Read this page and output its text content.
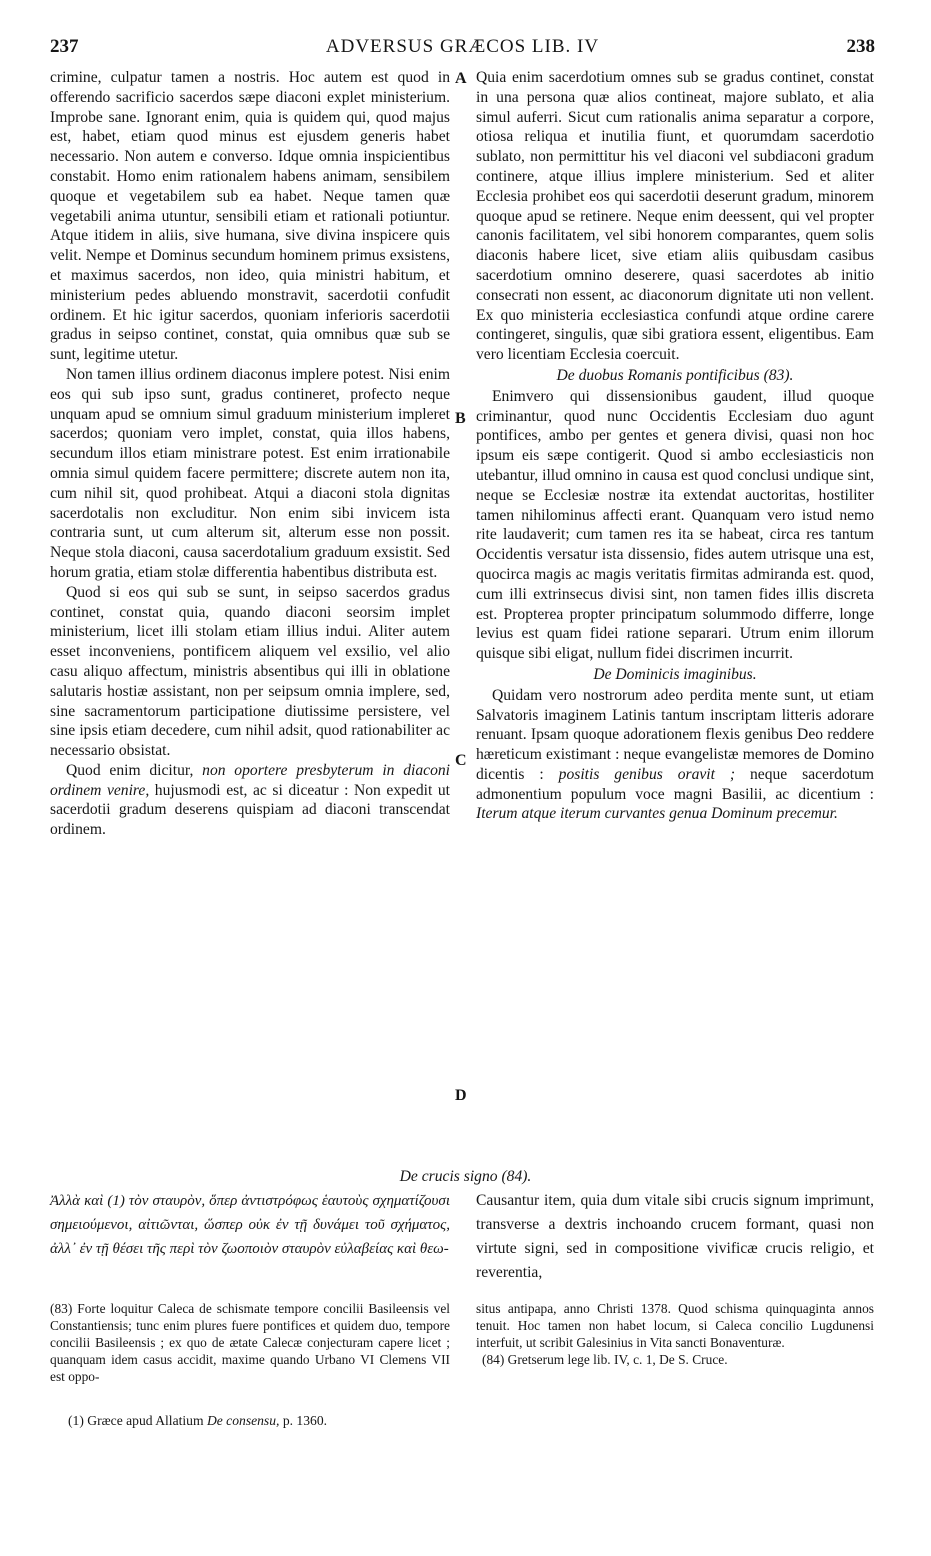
237	ADVERSUS GRÆCOS LIB. IV	238
A
B
C
D

crimine, culpatur tamen a nostris. Hoc autem est quod in offerendo sacrificio sacerdos sæpe diaconi explet ministerium. Improbe sane. Ignorant enim, quia is quidem qui, quod majus est, habet, etiam quod minus est ejusdem generis habet necessario. Non autem e converso. Idque omnia inspicientibus constabit. Homo enim rationalem habens animam, sensibilem quoque et vegetabilem sub ea habet. Neque tamen quæ vegetabili anima utuntur, sensibili etiam et rationali potiuntur. Atque itidem in aliis, sive humana, sive divina inspicere quis velit. Nempe et Dominus secundum hominem primus exsistens, et maximus sacerdos, non ideo, quia ministri habitum, et ministerium pedes abluendo monstravit, sacerdotii confudit ordinem. Et hic igitur sacerdos, quoniam inferioris sacerdotii gradus in seipso continet, constat, quia omnibus quæ sub se sunt, legitime utetur.

Non tamen illius ordinem diaconus implere potest. Nisi enim eos qui sub ipso sunt, gradus contineret, profecto neque unquam apud se omnium simul graduum ministerium impleret sacerdos; quoniam vero implet, constat, quia illos habens, secundum illos etiam ministrare potest. Est enim irrationabile omnia simul quidem facere permittere; discrete autem non ita, cum nihil sit, quod prohibeat. Atqui a diaconi stola dignitas sacerdotalis non excluditur. Non enim sibi invicem ista contraria sunt, ut cum alterum sit, alterum esse non possit. Neque stola diaconi, causa sacerdotalium graduum exsistit. Sed horum gratia, etiam stolæ differentia habentibus distributa est.

Quod si eos qui sub se sunt, in seipso sacerdos gradus continet, constat quia, quando diaconi seorsim implet ministerium, licet illi stolam etiam illius indui. Aliter autem esset inconveniens, pontificem aliquem vel exsilio, vel alio casu aliquo affectum, ministris absentibus qui illi in oblatione salutaris hostiæ assistant, non per seipsum omnia implere, sed, sine sacramentorum participatione diutissime persistere, vel sine ipsis etiam decedere, cum nihil adsit, quod rationabiliter ac necessario obsistat.

Quod enim dicitur, non oportere presbyterum in diaconi ordinem venire, hujusmodi est, ac si diceatur : Non expedit ut sacerdotii gradum deserens quispiam ad diaconi transcendat ordinem.

Quia enim sacerdotium omnes sub se gradus continet, constat in una persona quæ alios contineat, majore sublato, et alia simul auferri. Sicut cum rationalis anima separatur a corpore, otiosa reliqua et inutilia fiunt, et quorumdam sacerdotio sublato, non permittitur his vel diaconi vel subdiaconi gradum continere, atque illius implere ministerium. Sed et aliter Ecclesia prohibet eos qui sacerdotii deserunt gradum, minorem quoque apud se retinere. Neque enim deessent, qui vel propter canonis facilitatem, vel sibi honorem comparantes, quem solis diaconis habere licet, sive etiam aliis quibusdam casibus sacerdotium omnino deserere, quasi sacerdotes ab initio consecrati non essent, ac diaconorum dignitate uti non vellent. Ex quo ministeria ecclesiastica confundi atque ordine carere contingeret, singulis, quæ sibi gratiora essent, eligentibus. Eam vero licentiam Ecclesia coercuit.

De duobus Romanis pontificibus (83).

Enimvero qui dissensionibus gaudent, illud quoque criminantur, quod nunc Occidentis Ecclesiam duo agunt pontifices, ambo per gentes et genera divisi, quasi non hoc ipsum eis sæpe contigerit. Quod si ambo ecclesiasticis non utebantur, illud omnino in causa est quod conclusi undique sint, neque se Ecclesiæ nostræ ita extendat auctoritas, hostiliter tamen nihilominus affecti erant. Quanquam vero istud nemo rite laudaverit; cum tamen res ita se habeat, circa res tantum Occidentis versatur ista dissensio, fides autem utrisque una est, quocirca magis ac magis veritatis firmitas admiranda est. quod, cum illi extrinsecus divisi sint, non tamen fides illis discreta est. Propterea propter principatum solummodo differre, longe levius est quam fidei ratione separari. Utrum enim illorum quisque sibi eligat, nullum fidei discrimen incurrit.

De Dominicis imaginibus.

Quidam vero nostrorum adeo perdita mente sunt, ut etiam Salvatoris imaginem Latinis tantum inscriptam litteris adorare renuant. Ipsam quoque adorationem flexis genibus Deo reddere hæreticum existimant : neque evangelistæ memores de Domino dicentis : positis genibus oravit ; neque sacerdotum admonentium populum voce magni Basilii, ac dicentium : Iterum atque iterum curvantes genua Dominum precemur.

De crucis signo (84).
Ἀλλὰ καὶ (1) τὸν σταυρὸν, ὅπερ ἀντιστρόφως ἑαυτοὺς σχηματίζουσι σημειούμενοι, αἰτιῶνται, ὥσπερ οὐκ ἐν τῇ δυνάμει τοῦ σχήματος, ἀλλ᾽ ἐν τῇ θέσει τῆς περὶ τὸν ζωοποιὸν σταυρὸν εὐλαβείας καὶ θεω-
Causantur item, quia dum vitale sibi crucis signum imprimunt, transverse a dextris inchoando crucem formant, quasi non virtute signi, sed in compositione vivificæ crucis religio, et reverentia,
(83) Forte loquitur Caleca de schismate tempore concilii Basileensis vel Constantiensis; tunc enim plures fuere pontifices et quidem duo, tempore concilii Basileensis ; ex quo de ætate Calecæ conjecturam capere licet ; quanquam idem casus accidit, maxime quando Urbano VI Clemens VII est oppo-
situs antipapa, anno Christi 1378. Quod schisma quinquaginta annos tenuit. Hoc tamen non habet locum, si Caleca concilio Lugdunensi interfuit, ut scribit Galesinius in Vita sancti Bonaventuræ.
(84) Gretserum lege lib. IV, c. 1, De S. Cruce.
(1) Græce apud Allatium De consensu, p. 1360.
